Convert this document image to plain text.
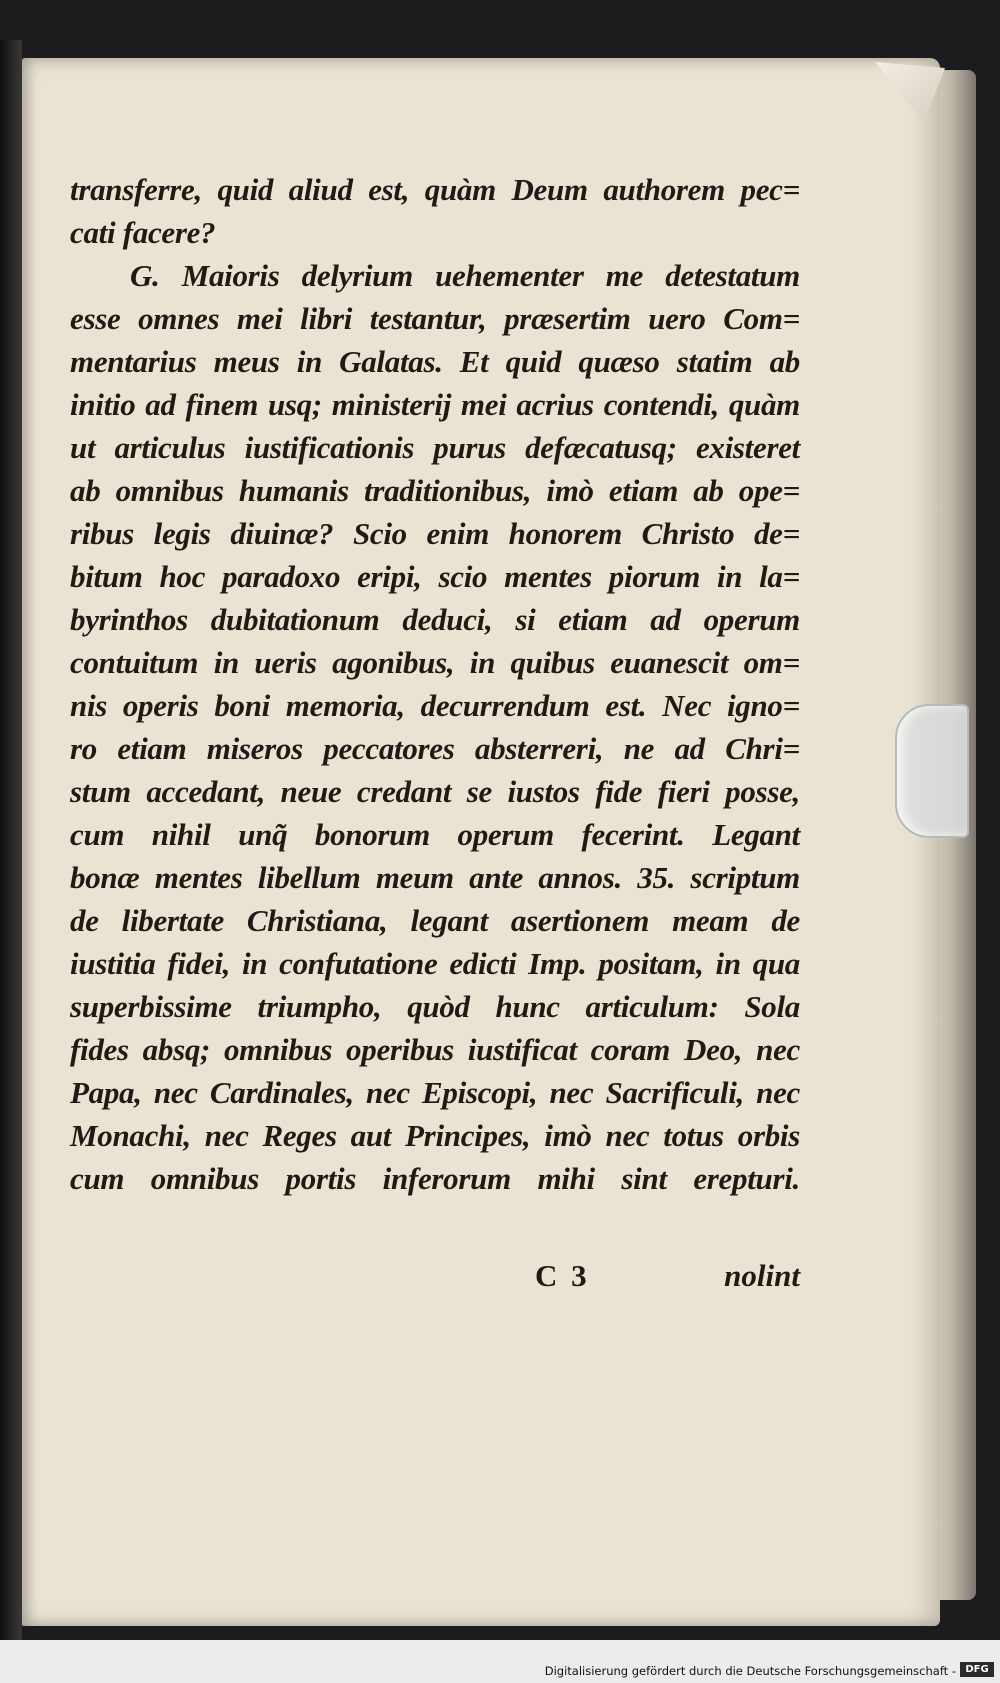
transferre, quid aliud est, quàm Deum authorem pec=
cati facere?
G. Maioris delyrium uehementer me detestatum
esse omnes mei libri testantur, præsertim uero Com=
mentarius meus in Galatas. Et quid quæso statim ab
initio ad finem usq; ministerij mei acrius contendi, quàm
ut articulus iustificationis purus defæcatusq; existeret
ab omnibus humanis traditionibus, imò etiam ab ope=
ribus legis diuinæ? Scio enim honorem Christo de=
bitum hoc paradoxo eripi, scio mentes piorum in la=
byrinthos dubitationum deduci, si etiam ad operum
contuitum in ueris agonibus, in quibus euanescit om=
nis operis boni memoria, decurrendum est. Nec igno=
ro etiam miseros peccatores absterreri, ne ad Chri=
stum accedant, neue credant se iustos fide fieri posse,
cum nihil unq̃ bonorum operum fecerint. Legant
bonæ mentes libellum meum ante annos. 35. scriptum
de libertate Christiana, legant asertionem meam de
iustitia fidei, in confutatione edicti Imp. positam, in qua
superbissime triumpho, quòd hunc articulum: Sola
fides absq; omnibus operibus iustificat coram Deo, nec
Papa, nec Cardinales, nec Episcopi, nec Sacrificuli, nec
Monachi, nec Reges aut Principes, imò nec totus orbis
cum omnibus portis inferorum mihi sint erepturi.
C 3	nolint
Digitalisierung gefördert durch die Deutsche Forschungsgemeinschaft - DFG
